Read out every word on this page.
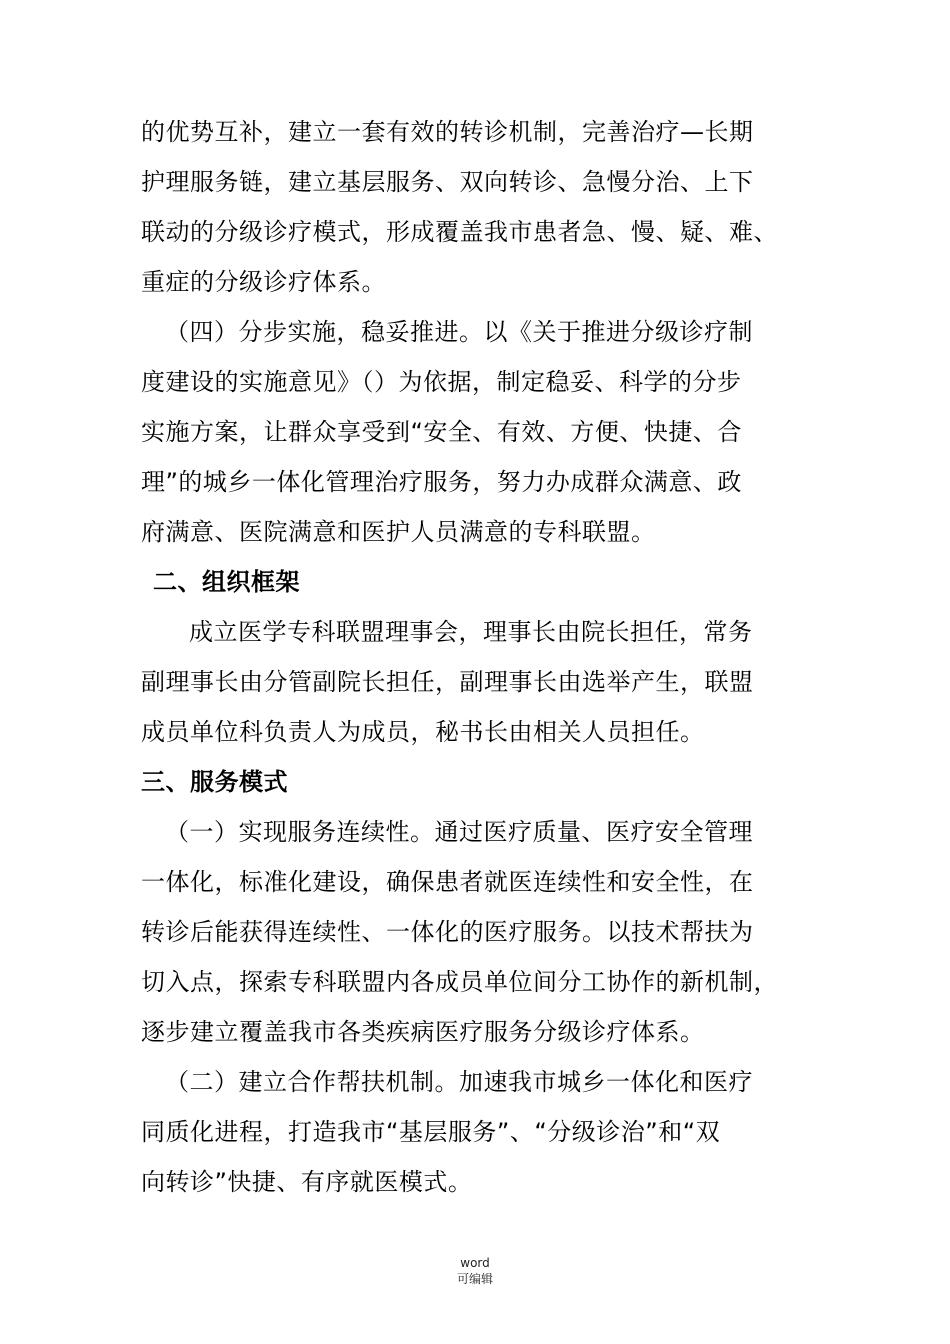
的优势互补，建立一套有效的转诊机制，完善治疗—长期
护理服务链，建立基层服务、双向转诊、急慢分治、上下
联动的分级诊疗模式，形成覆盖我市患者急、慢、疑、难、
重症的分级诊疗体系。
（四）分步实施，稳妥推进。以《关于推进分级诊疗制
度建设的实施意见》（）为依据，制定稳妥、科学的分步
实施方案，让群众享受到“安全、有效、方便、快捷、合
理”的城乡一体化管理治疗服务，努力办成群众满意、政
府满意、医院满意和医护人员满意的专科联盟。
二、组织框架
成立医学专科联盟理事会，理事长由院长担任，常务
副理事长由分管副院长担任，副理事长由选举产生，联盟
成员单位科负责人为成员，秘书长由相关人员担任。
三、服务模式
（一）实现服务连续性。通过医疗质量、医疗安全管理
一体化，标准化建设，确保患者就医连续性和安全性，在
转诊后能获得连续性、一体化的医疗服务。以技术帮扶为
切入点，探索专科联盟内各成员单位间分工协作的新机制，
逐步建立覆盖我市各类疾病医疗服务分级诊疗体系。
（二）建立合作帮扶机制。加速我市城乡一体化和医疗
同质化进程，打造我市“基层服务”、“分级诊治”和“双
向转诊”快捷、有序就医模式。
word
可编辑
